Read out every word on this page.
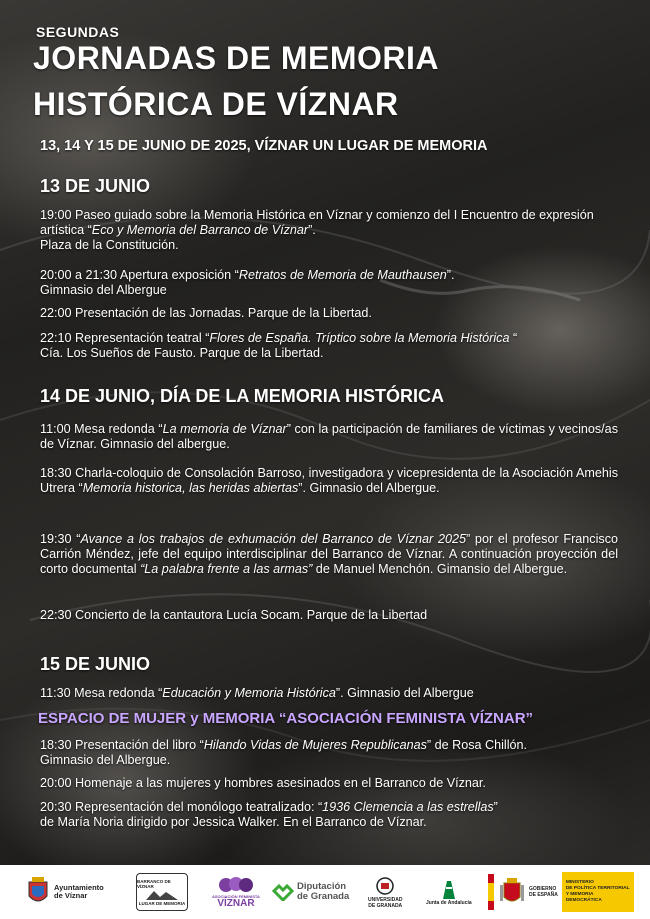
SEGUNDAS
JORNADAS DE MEMORIA
HISTÓRICA DE VÍZNAR
13, 14 Y 15 DE JUNIO DE 2025, VÍZNAR UN LUGAR DE MEMORIA
13 DE JUNIO
19:00 Paseo guiado sobre la Memoria Histórica en Víznar y comienzo del I Encuentro de expresión artística “Eco y Memoria del Barranco de Víznar”.
Plaza de la Constitución.
20:00 a 21:30 Apertura exposición “Retratos de Memoria de Mauthausen”.
Gimnasio del Albergue
22:00 Presentación de las Jornadas. Parque de la Libertad.
22:10 Representación teatral “Flores de España. Tríptico sobre la Memoria Histórica “
Cía. Los Sueños de Fausto. Parque de la Libertad.
14 DE JUNIO, DÍA DE LA MEMORIA HISTÓRICA
11:00 Mesa redonda “La memoria de Víznar” con la participación de familiares de víctimas y vecinos/as de Víznar. Gimnasio del albergue.
18:30 Charla-coloquio de Consolación Barroso, investigadora y vicepresidenta de la Asociación Amehis Utrera “Memoria historica, las heridas abiertas”. Gimnasio del Albergue.
19:30 “Avance a los trabajos de exhumación del Barranco de Víznar 2025” por el profesor Francisco Carrión Méndez, jefe del equipo interdisciplinar del Barranco de Víznar. A continuación proyección del corto documental “La palabra frente a las armas” de Manuel Menchón. Gimansio del Albergue.
22:30 Concierto de la cantautora Lucía Socam. Parque de la Libertad
15 DE JUNIO
11:30 Mesa redonda “Educación y Memoria Histórica”. Gimnasio del Albergue
ESPACIO DE MUJER y MEMORIA “ASOCIACIÓN FEMINISTA VÍZNAR”
18:30 Presentación del libro “Hilando Vidas de Mujeres Republicanas” de Rosa Chillón.
Gimnasio del Albergue.
20:00 Homenaje a las mujeres y hombres asesinados en el Barranco de Víznar.
20:30 Representación del monólogo teatralizado: “1936 Clemencia a las estrellas”
de María Noria dirigido por Jessica Walker. En el Barranco de Víznar.
Ayuntamiento
de Víznar
BARRANCO DE VÍZNAR
LUGAR DE MEMORIA
ASOCIACIÓN FEMINISTA
VÍZNAR
Diputación
de Granada	UNIVERSIDAD
DE GRANADA	Junta de Andalucía
GOBIERNO
DE ESPAÑA
MINISTERIO
DE POLÍTICA TERRITORIAL
Y MEMORIA DEMOCRÁTICA
